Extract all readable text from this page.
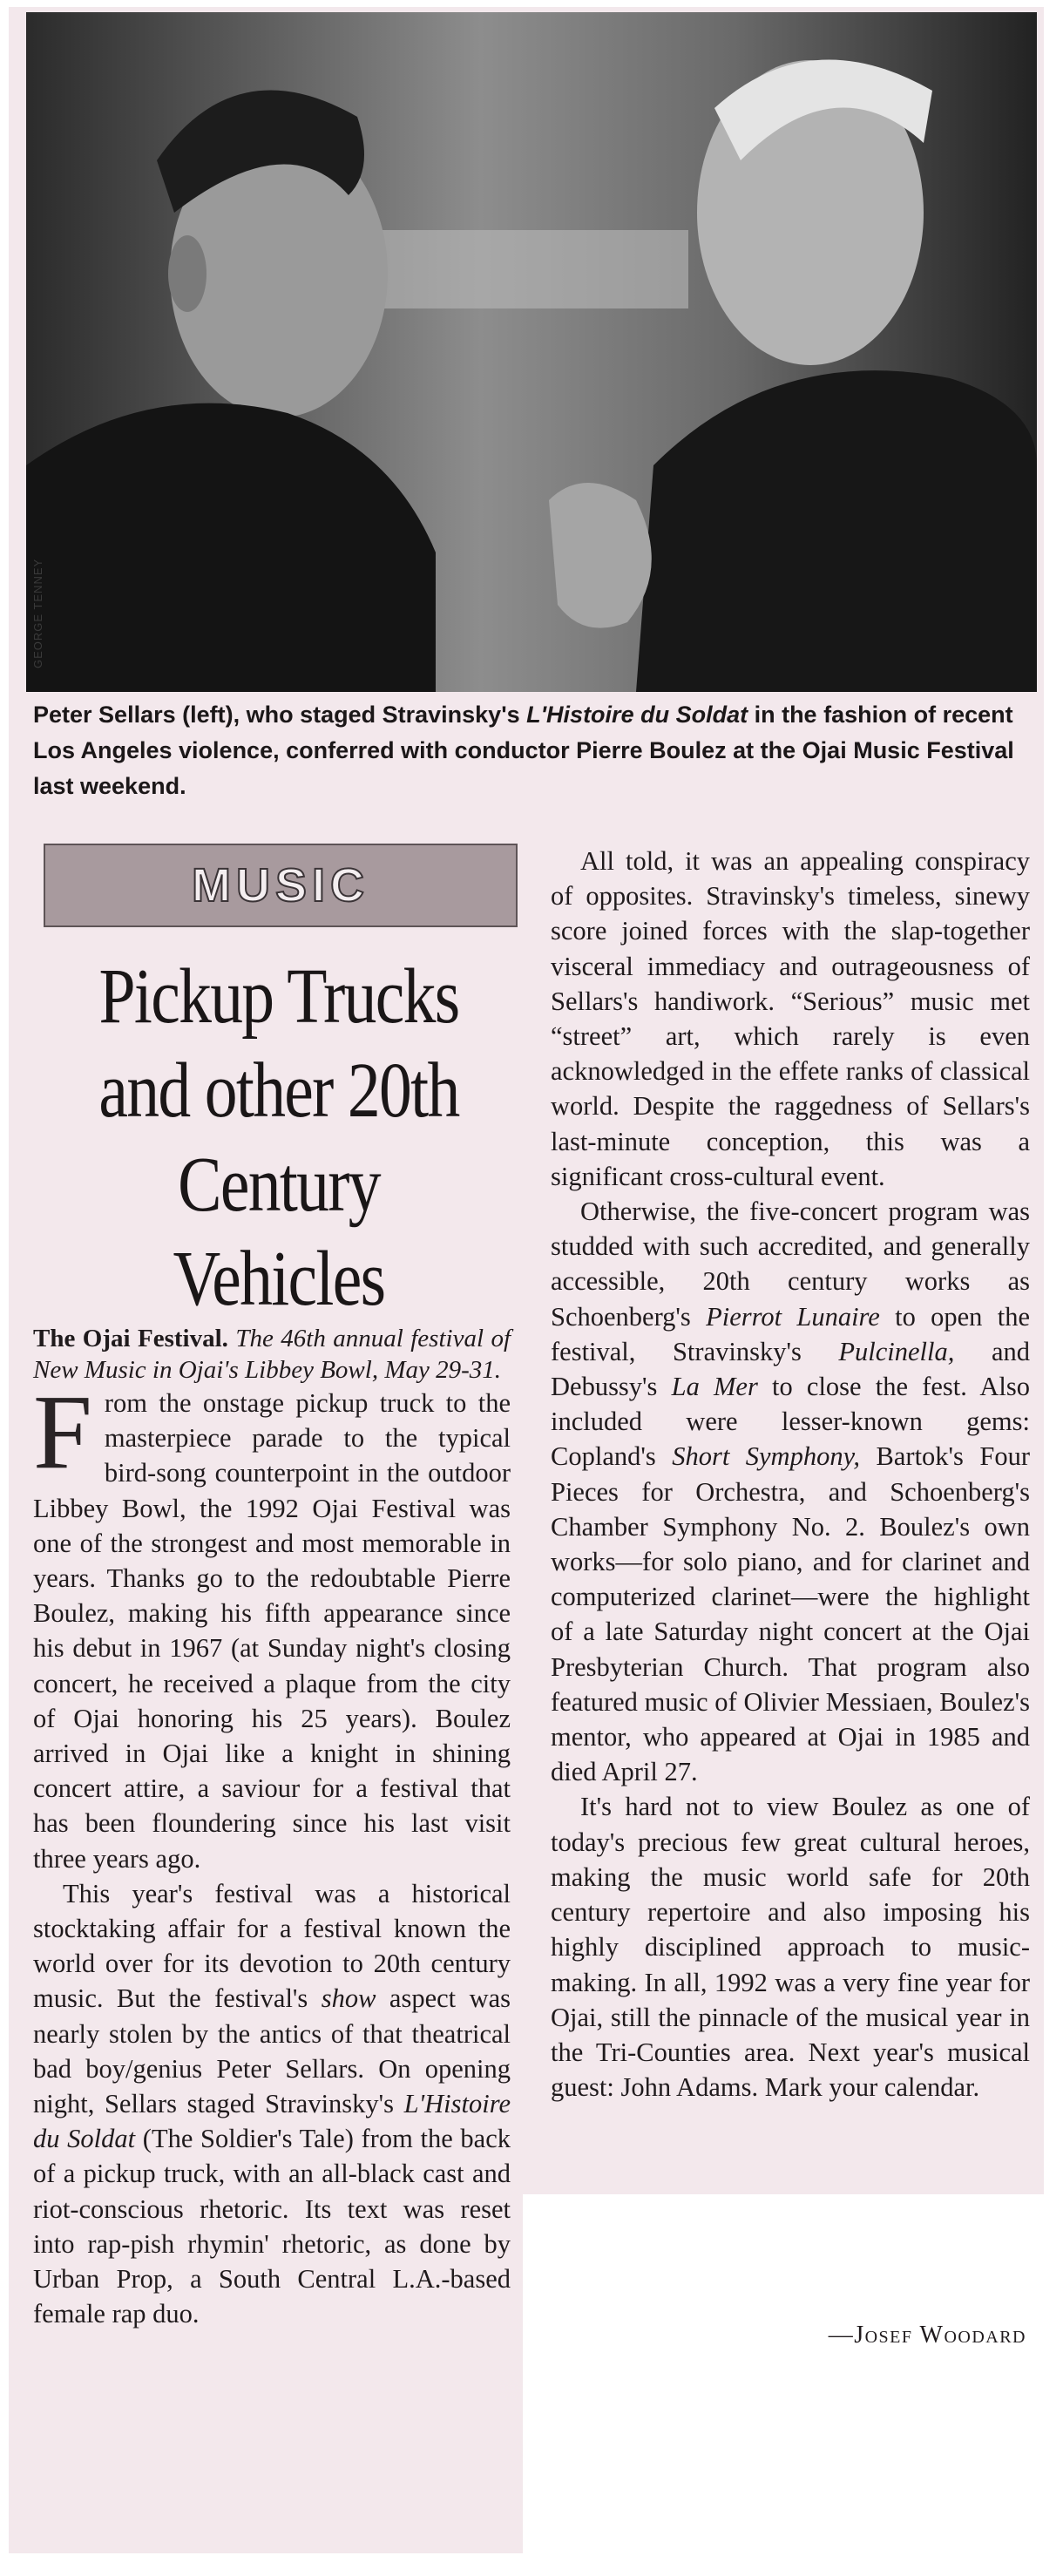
GEORGE TENNEY
Peter Sellars (left), who staged Stravinsky's L'Histoire du Soldat in the fashion of recent Los Angeles violence, conferred with conductor Pierre Boulez at the Ojai Music Festival last weekend.
MUSIC
Pickup Trucks
and other 20th
Century Vehicles

The Ojai Festival. The 46th annual festival of New Music in Ojai's Libbey Bowl, May 29-31.

From the onstage pickup truck to the masterpiece parade to the typical bird-song counterpoint in the outdoor Libbey Bowl, the 1992 Ojai Festival was one of the strongest and most memorable in years. Thanks go to the redoubtable Pierre Boulez, making his fifth appearance since his debut in 1967 (at Sunday night's closing concert, he received a plaque from the city of Ojai honoring his 25 years). Boulez arrived in Ojai like a knight in shining concert attire, a saviour for a festival that has been floundering since his last visit three years ago.

This year's festival was a historical stocktaking affair for a festival known the world over for its devotion to 20th century music. But the festival's show aspect was nearly stolen by the antics of that theatrical bad boy/genius Peter Sellars. On opening night, Sellars staged Stravinsky's L'Histoire du Soldat (The Soldier's Tale) from the back of a pickup truck, with an all-black cast and riot-conscious rhetoric. Its text was reset into rap-pish rhymin' rhetoric, as done by Urban Prop, a South Central L.A.-based female rap duo.

All told, it was an appealing conspiracy of opposites. Stravinsky's timeless, sinewy score joined forces with the slap-together visceral immediacy and outrageousness of Sellars's handiwork. “Serious” music met “street” art, which rarely is even acknowledged in the effete ranks of classical world. Despite the raggedness of Sellars's last-minute conception, this was a significant cross-cultural event.

Otherwise, the five-concert program was studded with such accredited, and generally accessible, 20th century works as Schoenberg's Pierrot Lunaire to open the festival, Stravinsky's Pulcinella, and Debussy's La Mer to close the fest. Also included were lesser-known gems: Copland's Short Symphony, Bartok's Four Pieces for Orchestra, and Schoenberg's Chamber Symphony No. 2. Boulez's own works—for solo piano, and for clarinet and computerized clarinet—were the highlight of a late Saturday night concert at the Ojai Presbyterian Church. That program also featured music of Olivier Messiaen, Boulez's mentor, who appeared at Ojai in 1985 and died April 27.

It's hard not to view Boulez as one of today's precious few great cultural heroes, making the music world safe for 20th century repertoire and also imposing his highly disciplined approach to music-making. In all, 1992 was a very fine year for Ojai, still the pinnacle of the musical year in the Tri-Counties area. Next year's musical guest: John Adams. Mark your calendar.

—Josef Woodard
